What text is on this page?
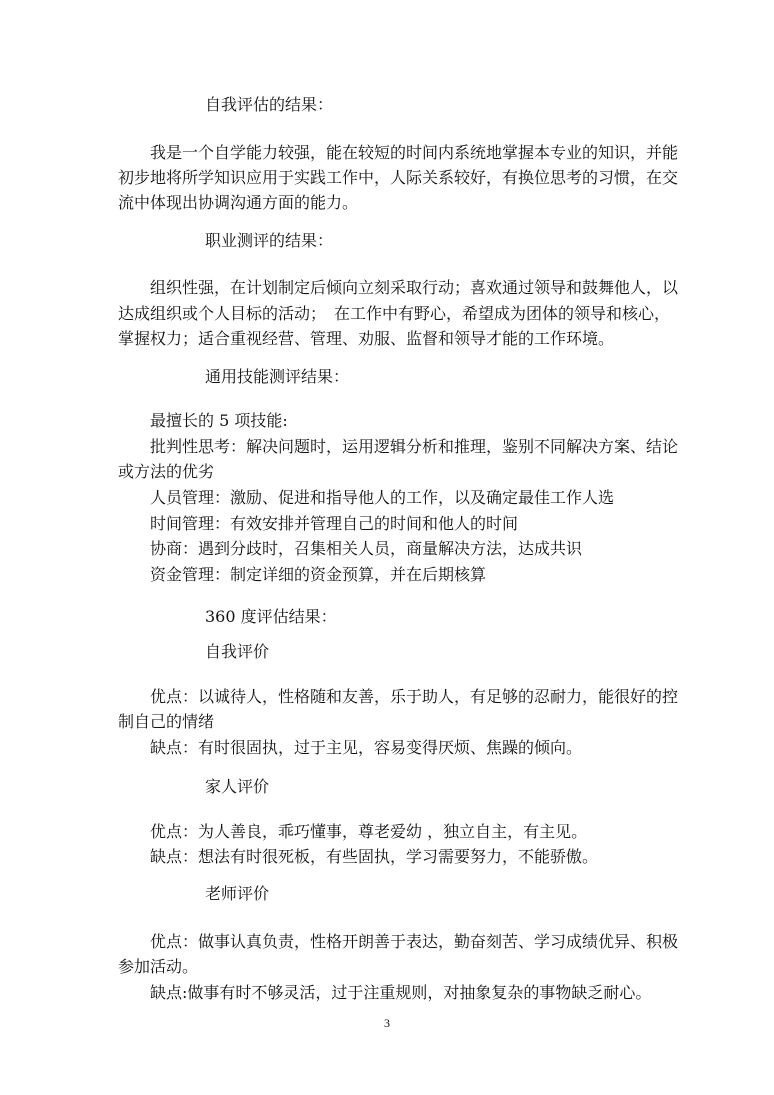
自我评估的结果：
我是一个自学能力较强，能在较短的时间内系统地掌握本专业的知识，并能
初步地将所学知识应用于实践工作中，人际关系较好，有换位思考的习惯，在交
流中体现出协调沟通方面的能力。
职业测评的结果：
组织性强，在计划制定后倾向立刻采取行动；喜欢通过领导和鼓舞他人，以
达成组织或个人目标的活动；　在工作中有野心，希望成为团体的领导和核心，
掌握权力；适合重视经营、管理、劝服、监督和领导才能的工作环境。
通用技能测评结果：
最擅长的 5 项技能:
批判性思考：解决问题时，运用逻辑分析和推理，鉴别不同解决方案、结论
或方法的优劣
人员管理：激励、促进和指导他人的工作，以及确定最佳工作人选
时间管理：有效安排并管理自己的时间和他人的时间
协商：遇到分歧时，召集相关人员，商量解决方法，达成共识
资金管理：制定详细的资金预算，并在后期核算
360 度评估结果：
自我评价
优点：以诚待人，性格随和友善，乐于助人，有足够的忍耐力，能很好的控
制自己的情绪
缺点：有时很固执，过于主见，容易变得厌烦、焦躁的倾向。
家人评价
优点：为人善良，乖巧懂事，尊老爱幼 ，独立自主，有主见。
缺点：想法有时很死板，有些固执，学习需要努力，不能骄傲。
老师评价
优点：做事认真负责，性格开朗善于表达，勤奋刻苦、学习成绩优异、积极
参加活动。
缺点:做事有时不够灵活，过于注重规则，对抽象复杂的事物缺乏耐心。
3
